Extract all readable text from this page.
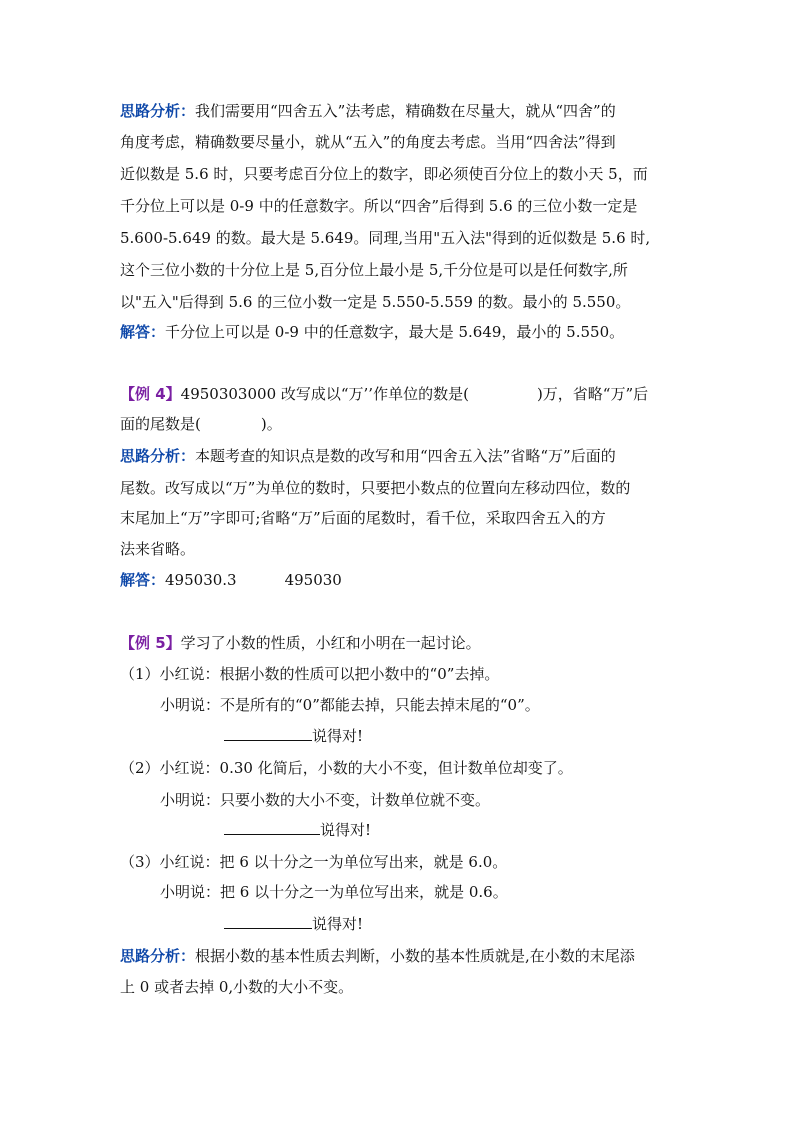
思路分析：我们需要用“四舍五入”法考虑，精确数在尽量大，就从“四舍”的
角度考虑，精确数要尽量小，就从“五入”的角度去考虑。当用“四舍法”得到
近似数是 5.6 时，只要考虑百分位上的数字，即必须使百分位上的数小天 5，而
千分位上可以是 0-9 中的任意数字。所以“四舍”后得到 5.6 的三位小数一定是
5.600-5.649 的数。最大是 5.649。同理,当用"五入法"得到的近似数是 5.6 时,
这个三位小数的十分位上是 5,百分位上最小是 5,千分位是可以是任何数字,所
以"五入"后得到 5.6 的三位小数一定是 5.550-5.559 的数。最小的 5.550。
解答：千分位上可以是 0-9 中的任意数字，最大是 5.649，最小的 5.550。
【例 4】4950303000 改写成以“万’’作单位的数是(	)万，省略“万”后
面的尾数是(	)。
思路分析：本题考查的知识点是数的改写和用“四舍五入法”省略“万”后面的
尾数。改写成以“万”为单位的数时，只要把小数点的位置向左移动四位，数的
末尾加上“万”字即可;省略“万”后面的尾数时，看千位，采取四舍五入的方
法来省略。
解答：495030.3	495030
【例 5】学习了小数的性质，小红和小明在一起讨论。
（1）小红说：根据小数的性质可以把小数中的“0”去掉。
小明说：不是所有的“0”都能去掉，只能去掉末尾的“0”。
说得对!
（2）小红说：0.30 化简后，小数的大小不变，但计数单位却变了。
小明说：只要小数的大小不变，计数单位就不变。
说得对!
（3）小红说：把 6 以十分之一为单位写出来，就是 6.0。
小明说：把 6 以十分之一为单位写出来，就是 0.6。
说得对!
思路分析：根据小数的基本性质去判断，小数的基本性质就是,在小数的末尾添
上 0 或者去掉 0,小数的大小不变。
